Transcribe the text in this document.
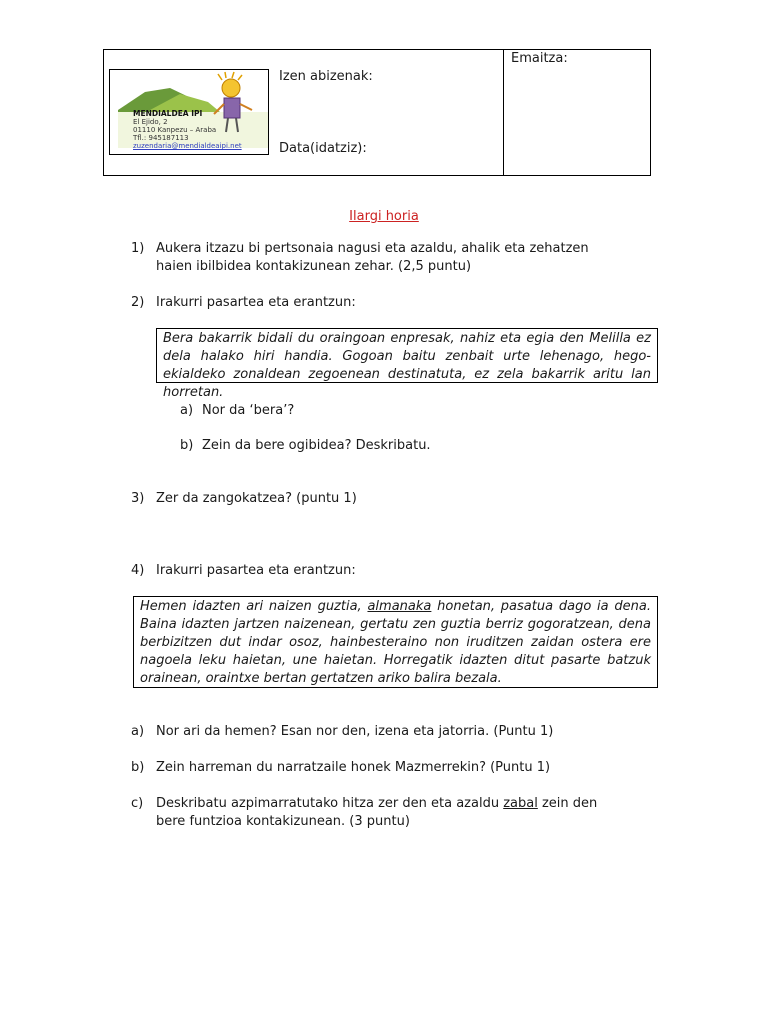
MENDIALDEA IPI
El Ejido, 2
01110 Kanpezu – Araba
Tfl.: 945187113
zuzendaria@mendialdeaipi.net
Izen abizenak:
Data(idatziz):
Emaitza:
Ilargi horia
1) Aukera itzazu bi pertsonaia nagusi eta azaldu, ahalik eta zehatzen haien ibilbidea kontakizunean zehar. (2,5 puntu)
2) Irakurri pasartea eta erantzun:
Bera bakarrik bidali du oraingoan enpresak, nahiz eta egia den Melilla ez dela halako hiri handia. Gogoan baitu zenbait urte lehenago, hego-ekialdeko zonaldean zegoenean destinatuta, ez zela bakarrik aritu lan horretan.
a) Nor da ‘bera’?
b) Zein da bere ogibidea? Deskribatu.
3) Zer da zangokatzea? (puntu 1)
4) Irakurri pasartea eta erantzun:
Hemen idazten ari naizen guztia, almanaka honetan, pasatua dago ia dena. Baina idazten jartzen naizenean, gertatu zen guztia berriz gogoratzean, dena berbizitzen dut indar osoz, hainbesteraino non iruditzen zaidan ostera ere nagoela leku haietan, une haietan. Horregatik idazten ditut pasarte batzuk orainean, oraintxe bertan gertatzen ariko balira bezala.
a) Nor ari da hemen? Esan nor den, izena eta jatorria. (Puntu 1)
b) Zein harreman du narratzaile honek Mazmerrekin? (Puntu 1)
c) Deskribatu azpimarratutako hitza zer den eta azaldu zabal zein den bere funtzioa kontakizunean. (3 puntu)
